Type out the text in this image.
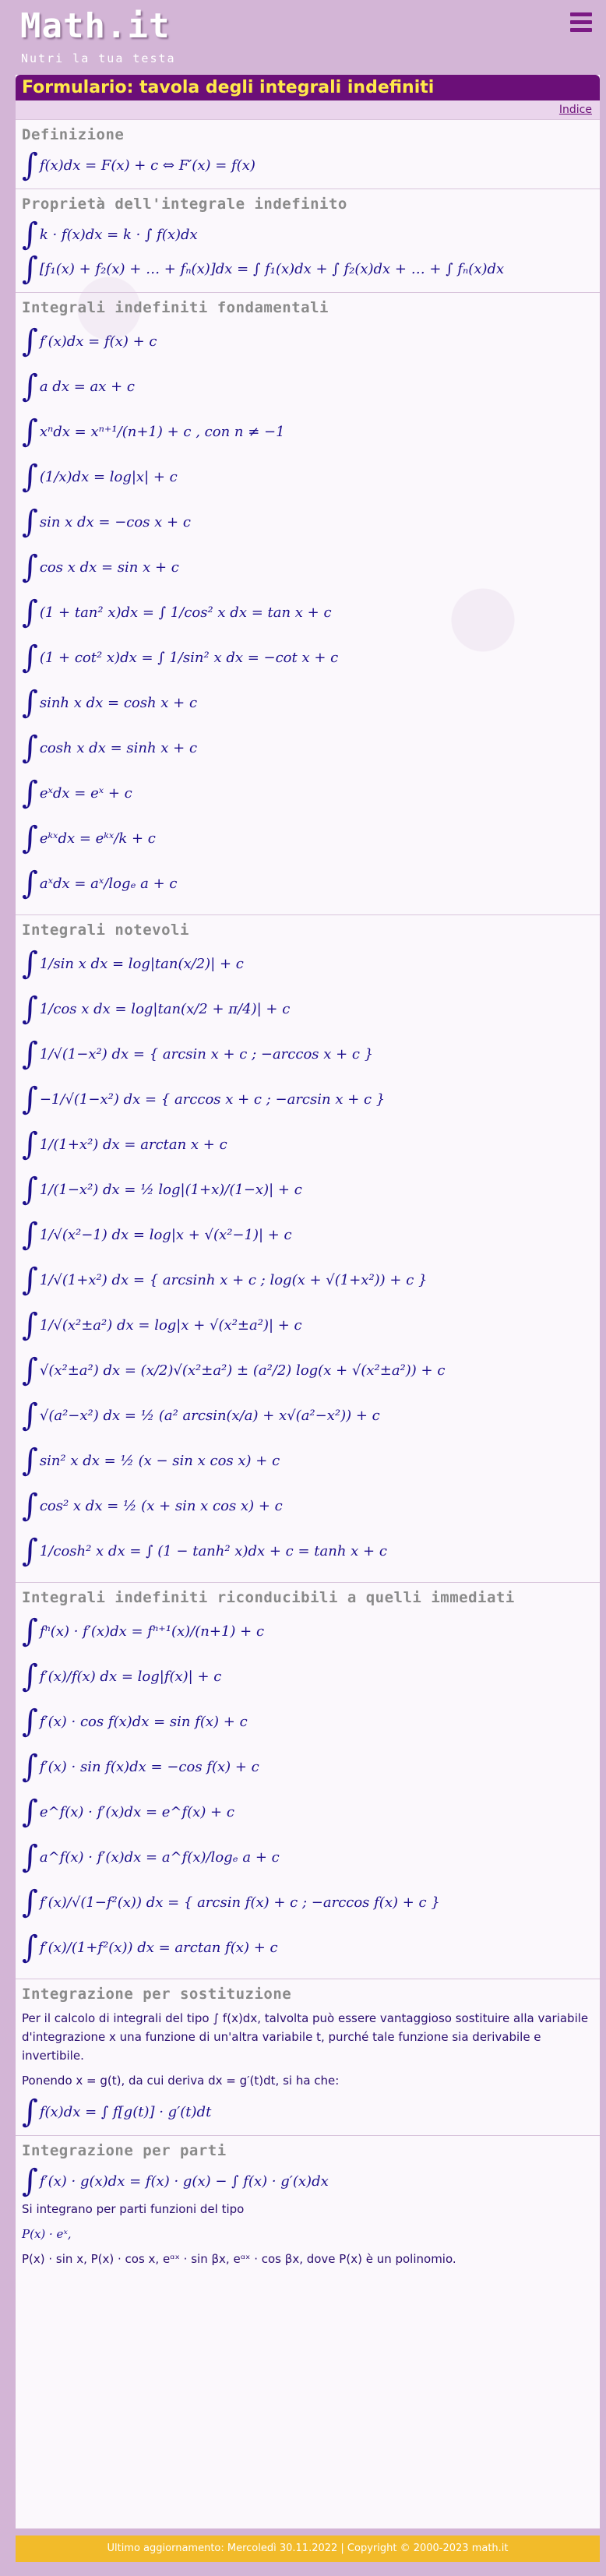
Math.it
Nutri la tua testa
Formulario: tavola degli integrali indefiniti
Indice
Definizione
∫ f(x)dx = F(x) + c ⇔ F′(x) = f(x)
Proprietà dell'integrale indefinito
∫ k · f(x)dx = k · ∫ f(x)dx
∫ [f₁(x) + f₂(x) + … + fₙ(x)]dx = ∫ f₁(x)dx + ∫ f₂(x)dx + … + ∫ fₙ(x)dx
Integrali indefiniti fondamentali
∫ f′(x)dx = f(x) + c
∫ a dx = ax + c
∫ xⁿdx = xⁿ⁺¹/(n+1) + c , con n ≠ −1
∫ (1/x)dx = log|x| + c
∫ sin x dx = −cos x + c
∫ cos x dx = sin x + c
∫ (1 + tan² x)dx = ∫ 1/cos² x dx = tan x + c
∫ (1 + cot² x)dx = ∫ 1/sin² x dx = −cot x + c
∫ sinh x dx = cosh x + c
∫ cosh x dx = sinh x + c
∫ eˣdx = eˣ + c
∫ eᵏˣdx = eᵏˣ/k + c
∫ aˣdx = aˣ/logₑ a + c
Integrali notevoli
∫ 1/sin x dx = log|tan(x/2)| + c
∫ 1/cos x dx = log|tan(x/2 + π/4)| + c
∫ 1/√(1−x²) dx = { arcsin x + c ; −arccos x + c }
∫ −1/√(1−x²) dx = { arccos x + c ; −arcsin x + c }
∫ 1/(1+x²) dx = arctan x + c
∫ 1/(1−x²) dx = ½ log|(1+x)/(1−x)| + c
∫ 1/√(x²−1) dx = log|x + √(x²−1)| + c
∫ 1/√(1+x²) dx = { arcsinh x + c ; log(x + √(1+x²)) + c }
∫ 1/√(x²±a²) dx = log|x + √(x²±a²)| + c
∫ √(x²±a²) dx = (x/2)√(x²±a²) ± (a²/2) log(x + √(x²±a²)) + c
∫ √(a²−x²) dx = ½ (a² arcsin(x/a) + x√(a²−x²)) + c
∫ sin² x dx = ½ (x − sin x cos x) + c
∫ cos² x dx = ½ (x + sin x cos x) + c
∫ 1/cosh² x dx = ∫ (1 − tanh² x)dx + c = tanh x + c
Integrali indefiniti riconducibili a quelli immediati
∫ fⁿ(x) · f′(x)dx = fⁿ⁺¹(x)/(n+1) + c
∫ f′(x)/f(x) dx = log|f(x)| + c
∫ f′(x) · cos f(x)dx = sin f(x) + c
∫ f′(x) · sin f(x)dx = −cos f(x) + c
∫ e^f(x) · f′(x)dx = e^f(x) + c
∫ a^f(x) · f′(x)dx = a^f(x)/logₑ a + c
∫ f′(x)/√(1−f²(x)) dx = { arcsin f(x) + c ; −arccos f(x) + c }
∫ f′(x)/(1+f²(x)) dx = arctan f(x) + c
Integrazione per sostituzione
Per il calcolo di integrali del tipo ∫ f(x)dx, talvolta può essere vantaggioso sostituire alla variabile d'integrazione x una funzione di un'altra variabile t, purché tale funzione sia derivabile e invertibile.
Ponendo x = g(t), da cui deriva dx = g′(t)dt, si ha che:
∫ f(x)dx = ∫ f[g(t)] · g′(t)dt
Integrazione per parti
∫ f′(x) · g(x)dx = f(x) · g(x) − ∫ f(x) · g′(x)dx
Si integrano per parti funzioni del tipo
P(x) · eˣ,
P(x) · sin x, P(x) · cos x, eᵅˣ · sin βx, eᵅˣ · cos βx, dove P(x) è un polinomio.
Ultimo aggiornamento: Mercoledì 30.11.2022 | Copyright © 2000-2023 math.it
